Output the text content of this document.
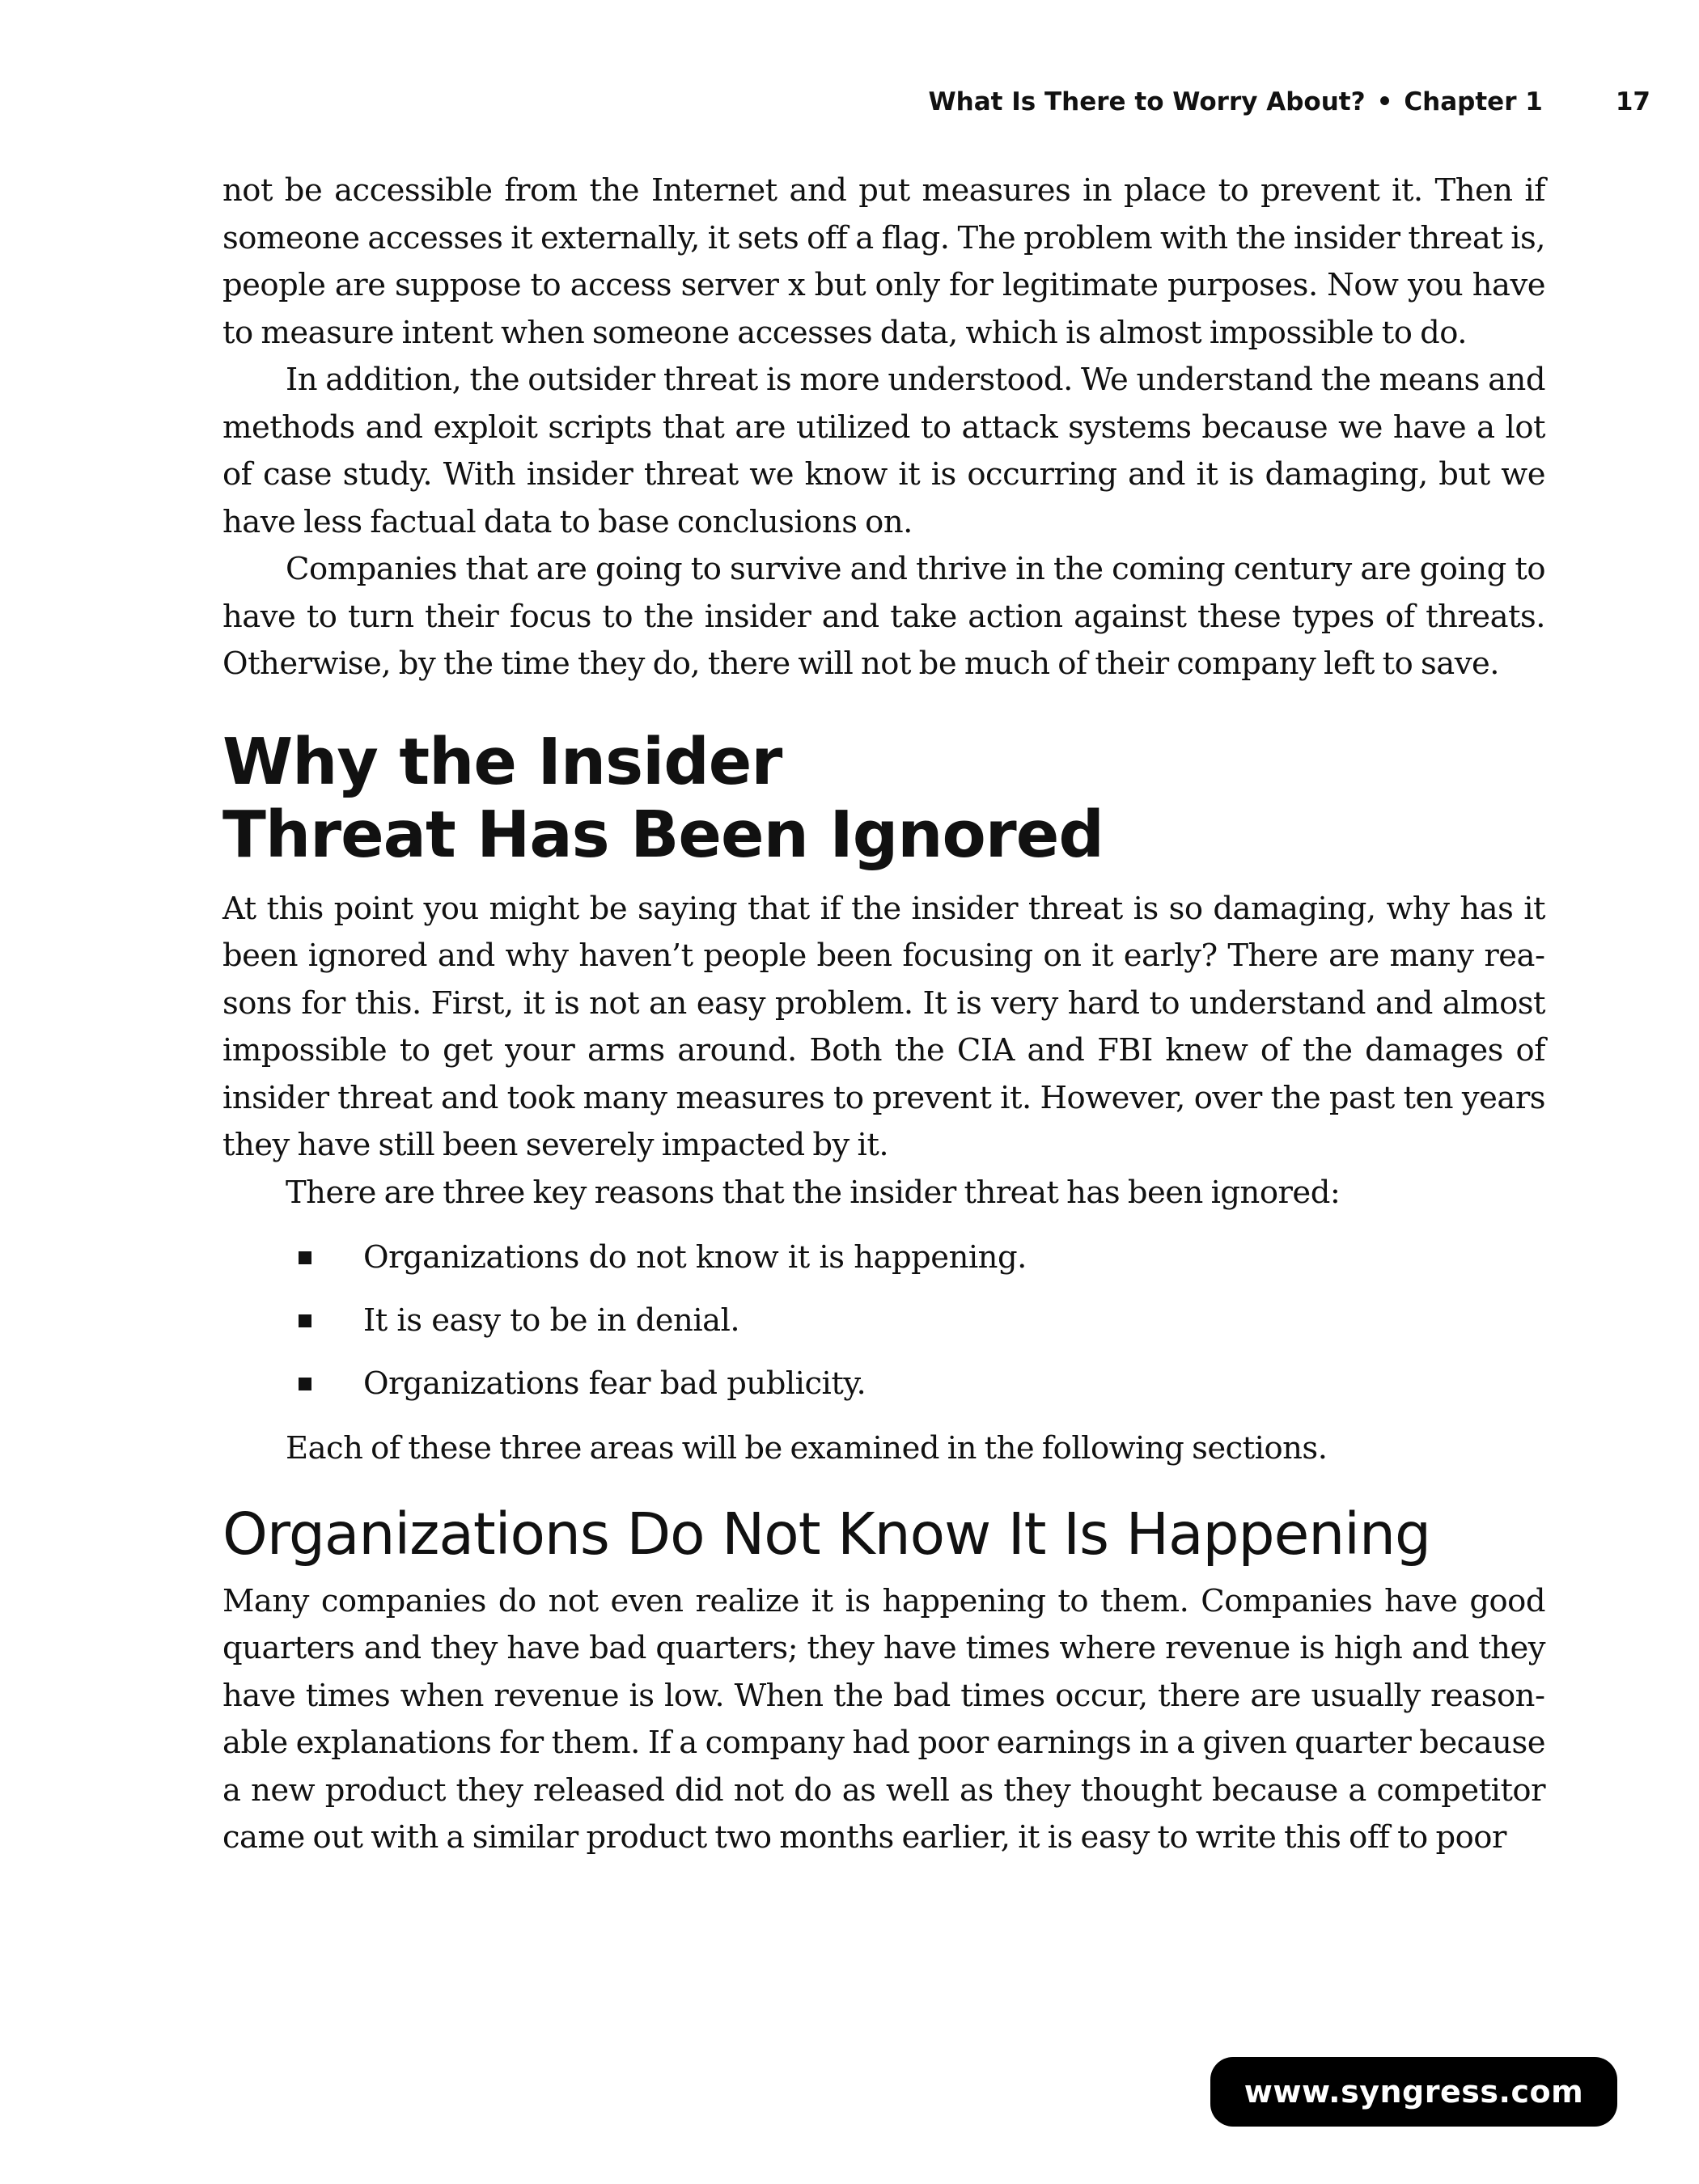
What Is There to Worry About? • Chapter 1	17

not be accessible from the Internet and put measures in place to prevent it. Then if someone accesses it externally, it sets off a flag. The problem with the insider threat is, people are suppose to access server x but only for legitimate purposes. Now you have to measure intent when someone accesses data, which is almost impossible to do.

In addition, the outsider threat is more understood. We understand the means and methods and exploit scripts that are utilized to attack systems because we have a lot of case study. With insider threat we know it is occurring and it is damaging, but we have less factual data to base conclusions on.

Companies that are going to survive and thrive in the coming century are going to have to turn their focus to the insider and take action against these types of threats. Otherwise, by the time they do, there will not be much of their company left to save.

Why the Insider
Threat Has Been Ignored

At this point you might be saying that if the insider threat is so damaging, why has it been ignored and why haven’t people been focusing on it early? There are many reasons for this. First, it is not an easy problem. It is very hard to understand and almost impossible to get your arms around. Both the CIA and FBI knew of the damages of insider threat and took many measures to prevent it. However, over the past ten years they have still been severely impacted by it.

There are three key reasons that the insider threat has been ignored:

Organizations do not know it is happening.
It is easy to be in denial.
Organizations fear bad publicity.

Each of these three areas will be examined in the following sections.

Organizations Do Not Know It Is Happening

Many companies do not even realize it is happening to them. Companies have good quarters and they have bad quarters; they have times where revenue is high and they have times when revenue is low. When the bad times occur, there are usually reasonable explanations for them. If a company had poor earnings in a given quarter because a new product they released did not do as well as they thought because a competitor came out with a similar product two months earlier, it is easy to write this off to poor

www.syngress.com
